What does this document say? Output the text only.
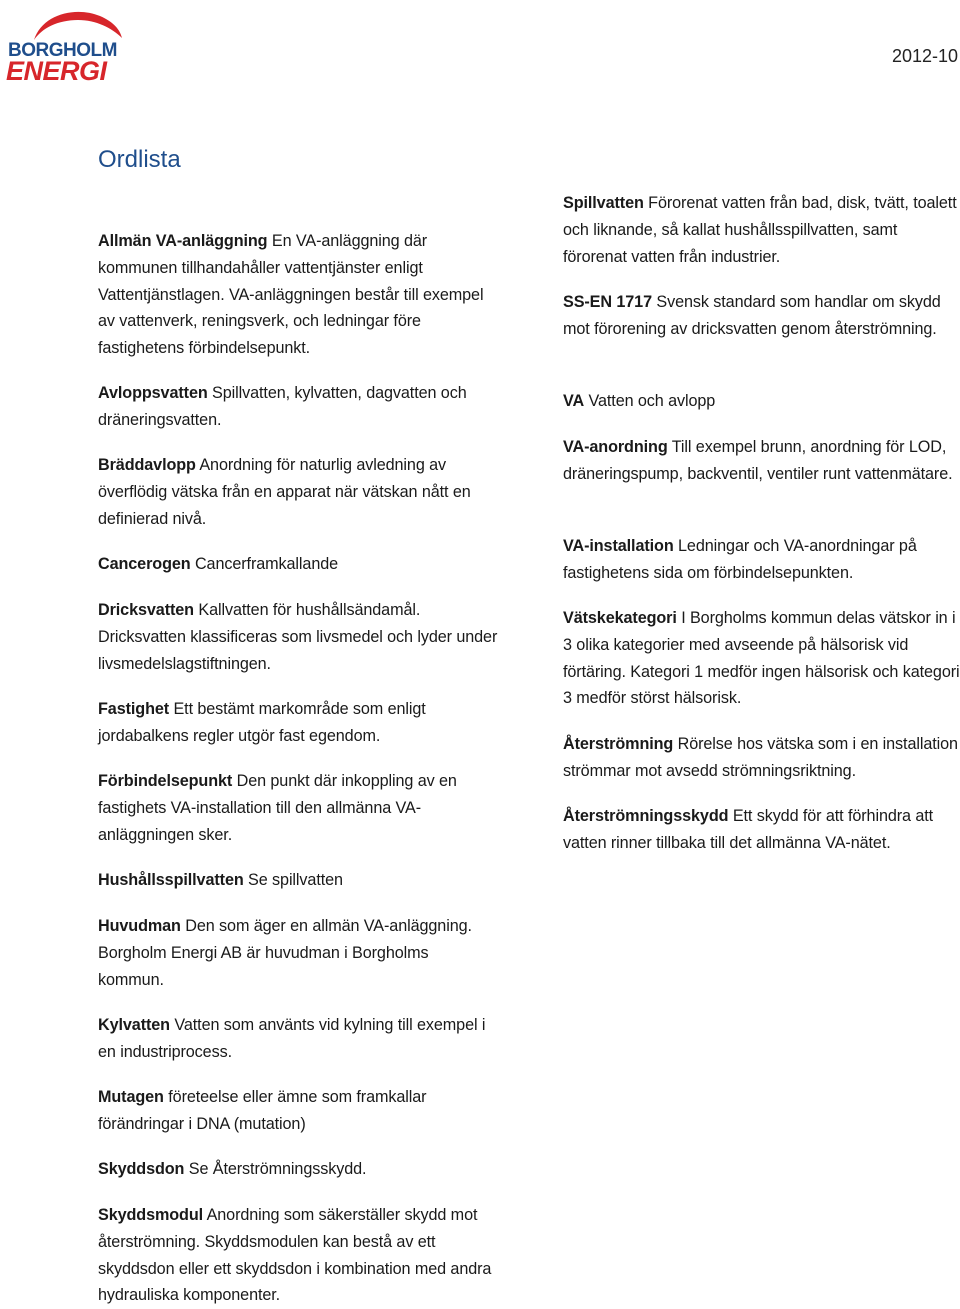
BORGHOLM
ENERGI	2012-10
Ordlista

Allmän VA-anläggning En VA-anläggning där kommunen tillhandahåller vattentjänster enligt Vattentjänstlagen. VA-anläggningen består till exempel av vattenverk, reningsverk, och ledningar före fastighetens förbindelsepunkt.

Avloppsvatten Spillvatten, kylvatten, dagvatten och dräneringsvatten.

Bräddavlopp Anordning för naturlig avledning av överflödig vätska från en apparat när vätskan nått en definierad nivå.

Cancerogen Cancerframkallande

Dricksvatten Kallvatten för hushållsändamål. Dricksvatten klassificeras som livsmedel och lyder under livsmedelslagstiftningen.

Fastighet Ett bestämt markområde som enligt jordabalkens regler utgör fast egendom.

Förbindelsepunkt Den punkt där inkoppling av en fastighets VA-installation till den allmänna VA-anläggningen sker.

Hushållsspillvatten Se spillvatten

Huvudman Den som äger en allmän VA-anläggning. Borgholm Energi AB är huvudman i Borgholms kommun.

Kylvatten Vatten som använts vid kylning till exempel i en industriprocess.

Mutagen företeelse eller ämne som framkallar förändringar i DNA (mutation)

Skyddsdon Se Återströmningsskydd.

Skyddsmodul Anordning som säkerställer skydd mot återströmning. Skyddsmodulen kan bestå av ett skyddsdon eller ett skyddsdon i kombination med andra hydrauliska komponenter.

Spillvatten Förorenat vatten från bad, disk, tvätt, toalett och liknande, så kallat hushållsspillvatten, samt förorenat vatten från industrier.

SS-EN 1717 Svensk standard som handlar om skydd mot förorening av dricksvatten genom återströmning.

VA Vatten och avlopp

VA-anordning Till exempel brunn, anordning för LOD, dräneringspump, backventil, ventiler runt vattenmätare.

VA-installation Ledningar och VA-anordningar på fastighetens sida om förbindelsepunkten.

Vätskekategori I Borgholms kommun delas vätskor in i 3 olika kategorier med avseende på hälsorisk vid förtäring. Kategori 1 medför ingen hälsorisk och kategori 3 medför störst hälsorisk.

Återströmning Rörelse hos vätska som i en installation strömmar mot avsedd strömningsriktning.

Återströmningsskydd Ett skydd för att förhindra att vatten rinner tillbaka till det allmänna VA-nätet.
